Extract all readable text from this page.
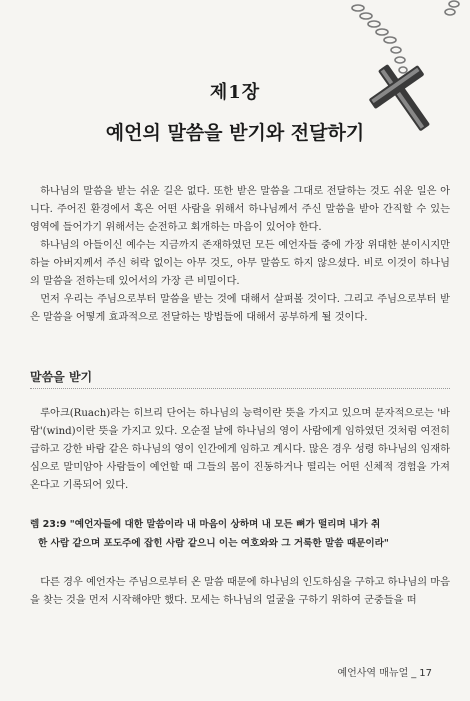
제1장
예언의 말씀을 받기와 전달하기

하나님의 말씀을 받는 쉬운 길은 없다. 또한 받은 말씀을 그대로 전달하는 것도 쉬운 일은 아니다. 주어진 환경에서 혹은 어떤 사람을 위해서 하나님께서 주신 말씀을 받아 간직할 수 있는 영역에 들어가기 위해서는 순전하고 회개하는 마음이 있어야 한다.

하나님의 아들이신 예수는 지금까지 존재하였던 모든 예언자들 중에 가장 위대한 분이시지만 하늘 아버지께서 주신 허락 없이는 아무 것도, 아무 말씀도 하지 않으셨다. 비로 이것이 하나님의 말씀을 전하는데 있어서의 가장 큰 비밀이다.

먼저 우리는 주님으로부터 말씀을 받는 것에 대해서 살펴볼 것이다. 그리고 주님으로부터 받은 말씀을 어떻게 효과적으로 전달하는 방법들에 대해서 공부하게 될 것이다.

말씀을 받기

루아크(Ruach)라는 히브리 단어는 하나님의 능력이란 뜻을 가지고 있으며 문자적으로는 '바람'(wind)이란 뜻을 가지고 있다. 오순절 날에 하나님의 영이 사람에게 임하였던 것처럼 여전히 급하고 강한 바람 같은 하나님의 영이 인간에게 임하고 계시다. 많은 경우 성령 하나님의 임재하심으로 말미암아 사람들이 예언할 때 그들의 몸이 진동하거나 떨리는 어떤 신체적 경험을 가져온다고 기록되어 있다.

렘 23:9 "예언자들에 대한 말씀이라 내 마음이 상하며 내 모든 뼈가 떨리며 내가 취
한 사람 같으며 포도주에 잡힌 사람 같으니 이는 여호와와 그 거룩한 말씀 때문이라"

다른 경우 예언자는 주님으로부터 온 말씀 때문에 하나님의 인도하심을 구하고 하나님의 마음을 찾는 것을 먼저 시작해야만 했다. 모세는 하나님의 얼굴을 구하기 위하여 군중들을 떠

예언사역 매뉴얼 _ 17
